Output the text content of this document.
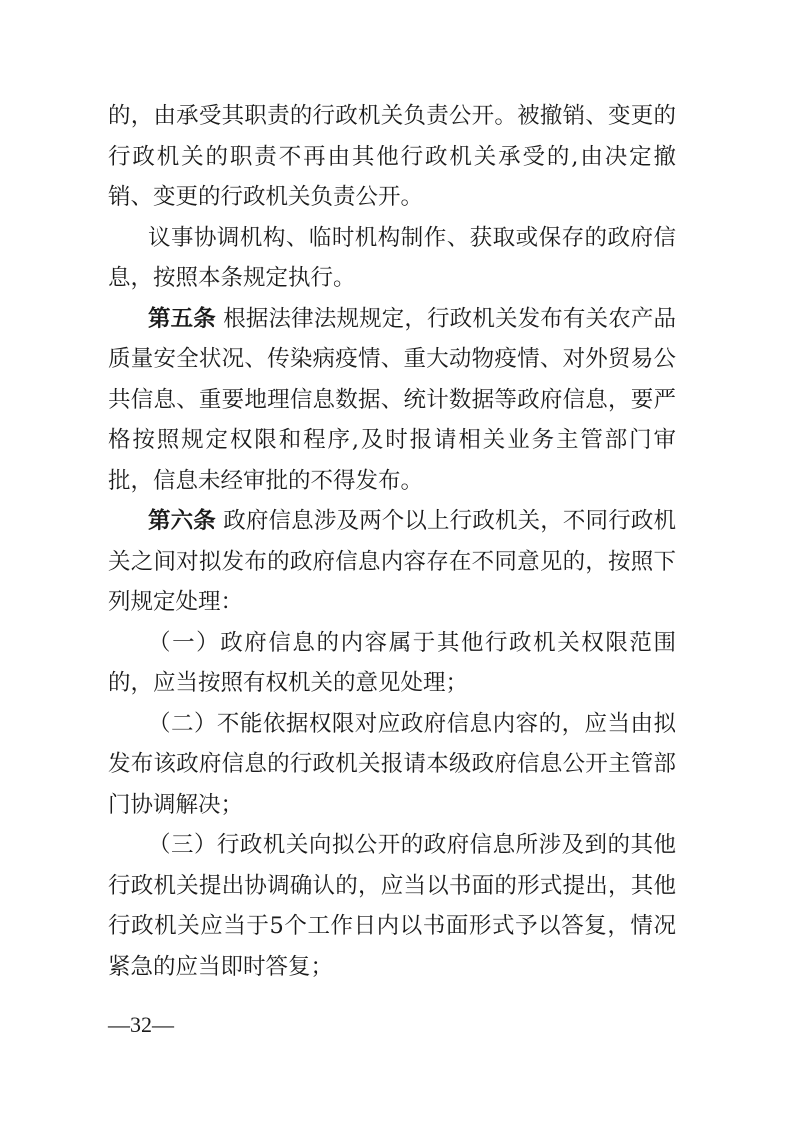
的，由承受其职责的行政机关负责公开。被撤销、变更的行政机关的职责不再由其他行政机关承受的,由决定撤销、变更的行政机关负责公开。

议事协调机构、临时机构制作、获取或保存的政府信息，按照本条规定执行。

第五条 根据法律法规规定，行政机关发布有关农产品质量安全状况、传染病疫情、重大动物疫情、对外贸易公共信息、重要地理信息数据、统计数据等政府信息，要严格按照规定权限和程序,及时报请相关业务主管部门审批，信息未经审批的不得发布。

第六条 政府信息涉及两个以上行政机关，不同行政机关之间对拟发布的政府信息内容存在不同意见的，按照下列规定处理：

（一）政府信息的内容属于其他行政机关权限范围的，应当按照有权机关的意见处理；

（二）不能依据权限对应政府信息内容的，应当由拟发布该政府信息的行政机关报请本级政府信息公开主管部门协调解决；

（三）行政机关向拟公开的政府信息所涉及到的其他行政机关提出协调确认的，应当以书面的形式提出，其他行政机关应当于5个工作日内以书面形式予以答复，情况紧急的应当即时答复；

—32—
